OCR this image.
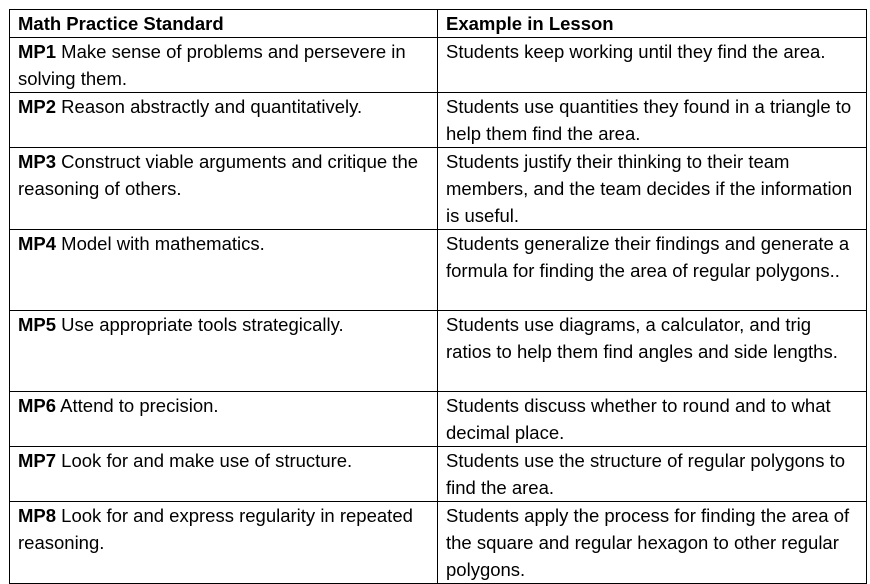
Math Practice Standard	Example in Lesson
MP1 Make sense of problems and persevere in solving them.	Students keep working until they find the area.
MP2 Reason abstractly and quantitatively.	Students use quantities they found in a triangle to help them find the area.
MP3 Construct viable arguments and critique the reasoning of others.	Students justify their thinking to their team members, and the team decides if the information is useful.
MP4 Model with mathematics.	Students generalize their findings and generate a formula for finding the area of regular polygons..
MP5 Use appropriate tools strategically.	Students use diagrams, a calculator, and trig ratios to help them find angles and side lengths.
MP6 Attend to precision.	Students discuss whether to round and to what decimal place.
MP7 Look for and make use of structure.	Students use the structure of regular polygons to find the area.
MP8 Look for and express regularity in repeated reasoning.	Students apply the process for finding the area of the square and regular hexagon to other regular polygons.
